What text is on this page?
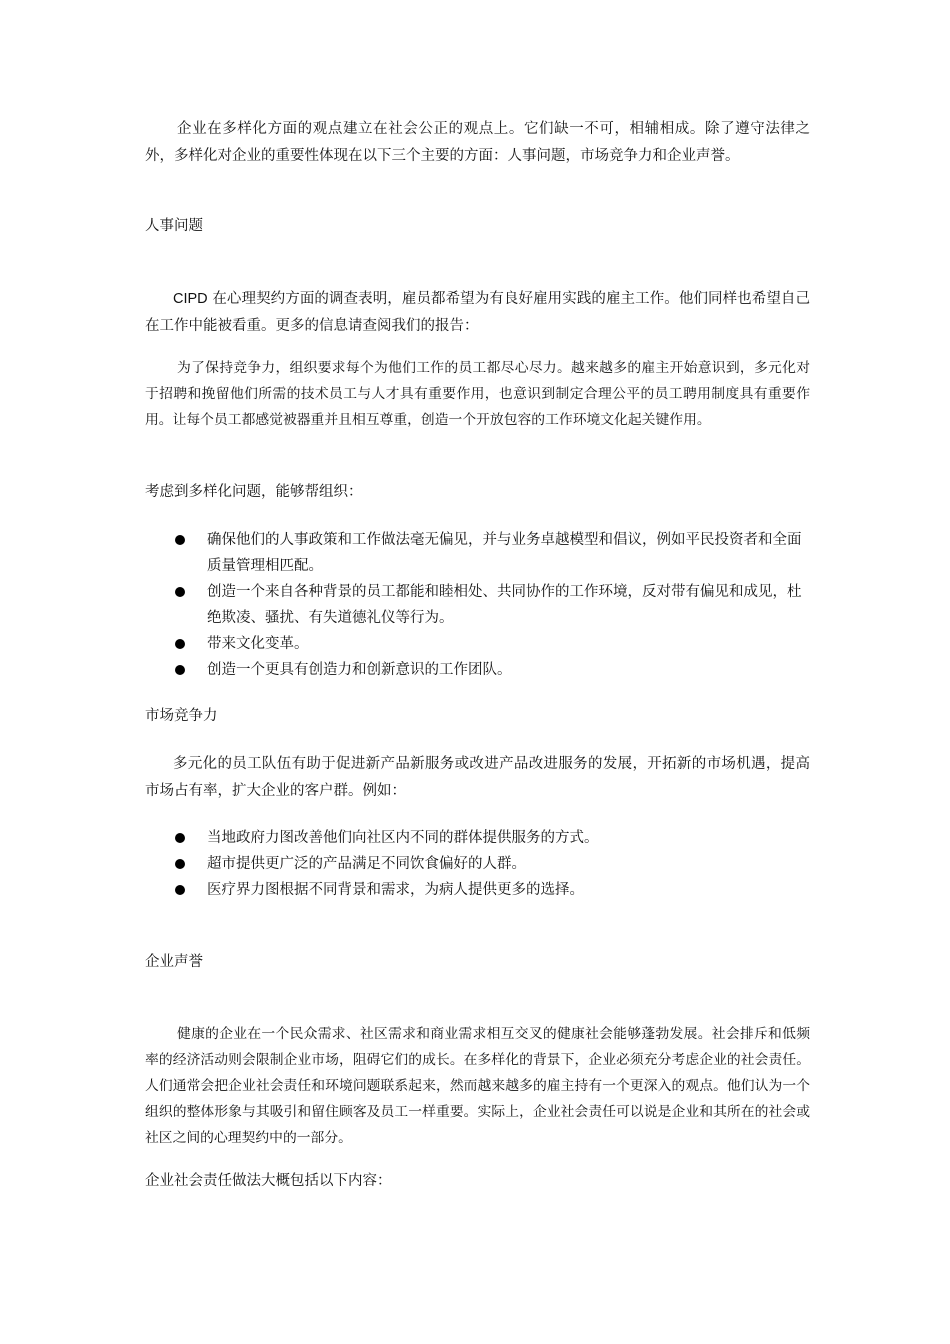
企业在多样化方面的观点建立在社会公正的观点上。它们缺一不可，相辅相成。除了遵守法律之外，多样化对企业的重要性体现在以下三个主要的方面：人事问题，市场竞争力和企业声誉。

人事问题

CIPD 在心理契约方面的调查表明，雇员都希望为有良好雇用实践的雇主工作。他们同样也希望自己在工作中能被看重。更多的信息请查阅我们的报告：

为了保持竞争力，组织要求每个为他们工作的员工都尽心尽力。越来越多的雇主开始意识到，多元化对于招聘和挽留他们所需的技术员工与人才具有重要作用，也意识到制定合理公平的员工聘用制度具有重要作用。让每个员工都感觉被器重并且相互尊重，创造一个开放包容的工作环境文化起关键作用。

考虑到多样化问题，能够帮组织：

确保他们的人事政策和工作做法毫无偏见，并与业务卓越模型和倡议，例如平民投资者和全面质量管理相匹配。
创造一个来自各种背景的员工都能和睦相处、共同协作的工作环境，反对带有偏见和成见，杜绝欺凌、骚扰、有失道德礼仪等行为。
带来文化变革。
创造一个更具有创造力和创新意识的工作团队。

市场竞争力

多元化的员工队伍有助于促进新产品新服务或改进产品改进服务的发展，开拓新的市场机遇，提高市场占有率，扩大企业的客户群。例如：

当地政府力图改善他们向社区内不同的群体提供服务的方式。
超市提供更广泛的产品满足不同饮食偏好的人群。
医疗界力图根据不同背景和需求，为病人提供更多的选择。

企业声誉

健康的企业在一个民众需求、社区需求和商业需求相互交叉的健康社会能够蓬勃发展。社会排斥和低频率的经济活动则会限制企业市场，阻碍它们的成长。在多样化的背景下，企业必须充分考虑企业的社会责任。人们通常会把企业社会责任和环境问题联系起来，然而越来越多的雇主持有一个更深入的观点。他们认为一个组织的整体形象与其吸引和留住顾客及员工一样重要。实际上，企业社会责任可以说是企业和其所在的社会或社区之间的心理契约中的一部分。

企业社会责任做法大概包括以下内容：
